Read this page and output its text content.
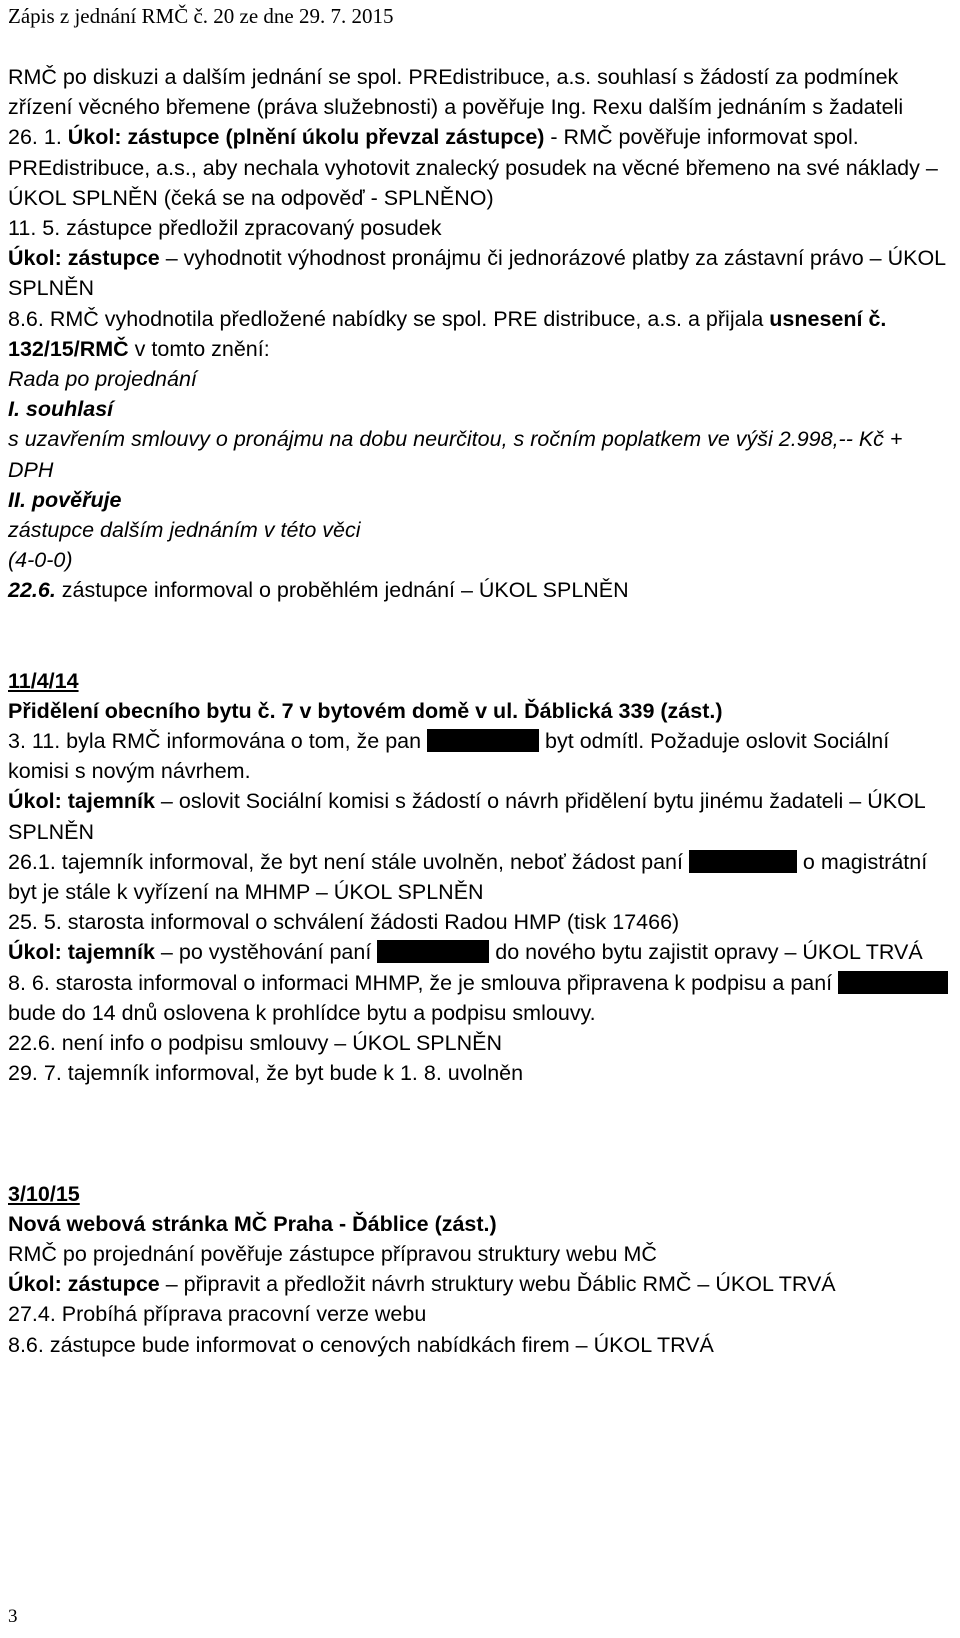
Zápis z jednání RMČ č. 20 ze dne 29. 7. 2015

RMČ po diskuzi a dalším jednání se spol. PREdistribuce, a.s. souhlasí s žádostí za podmínek zřízení věcného břemene (práva služebnosti) a pověřuje Ing. Rexu dalším jednáním s žadateli

26. 1. Úkol: zástupce (plnění úkolu převzal zástupce) - RMČ pověřuje informovat spol. PREdistribuce, a.s., aby nechala vyhotovit znalecký posudek na věcné břemeno na své náklady – ÚKOL SPLNĚN (čeká se na odpověď - SPLNĚNO)

11. 5. zástupce předložil zpracovaný posudek

Úkol: zástupce – vyhodnotit výhodnost pronájmu či jednorázové platby za zástavní právo – ÚKOL SPLNĚN

8.6. RMČ vyhodnotila předložené nabídky se spol. PRE distribuce, a.s. a přijala usnesení č. 132/15/RMČ v tomto znění:

Rada po projednání

I. souhlasí

s uzavřením smlouvy o pronájmu na dobu neurčitou, s ročním poplatkem ve výši 2.998,-- Kč + DPH

II. pověřuje

zástupce dalším jednáním v této věci

(4-0-0)

22.6. zástupce informoval o proběhlém jednání – ÚKOL SPLNĚN

11/4/14

Přidělení obecního bytu č. 7 v bytovém domě v ul. Ďáblická 339 (zást.)

3. 11. byla RMČ informována o tom, že pan	byt odmítl. Požaduje oslovit Sociální komisi s novým návrhem.

Úkol: tajemník – oslovit Sociální komisi s žádostí o návrh přidělení bytu jinému žadateli – ÚKOL SPLNĚN

26.1. tajemník informoval, že byt není stále uvolněn, neboť žádost paní	o magistrátní byt je stále k vyřízení na MHMP – ÚKOL SPLNĚN

25. 5. starosta informoval o schválení žádosti Radou HMP (tisk 17466)

Úkol: tajemník – po vystěhování paní	do nového bytu zajistit opravy – ÚKOL TRVÁ

8. 6. starosta informoval o informaci MHMP, že je smlouva připravena k podpisu a paní  bude do 14 dnů oslovena k prohlídce bytu a podpisu smlouvy.

22.6. není info o podpisu smlouvy – ÚKOL SPLNĚN

29. 7. tajemník informoval, že byt bude k 1. 8. uvolněn

3/10/15

Nová webová stránka MČ Praha - Ďáblice (zást.)

RMČ po projednání pověřuje zástupce přípravou struktury webu MČ

Úkol: zástupce – připravit a předložit návrh struktury webu Ďáblic RMČ – ÚKOL TRVÁ

27.4. Probíhá příprava pracovní verze webu

8.6. zástupce bude informovat o cenových nabídkách firem – ÚKOL TRVÁ

3
